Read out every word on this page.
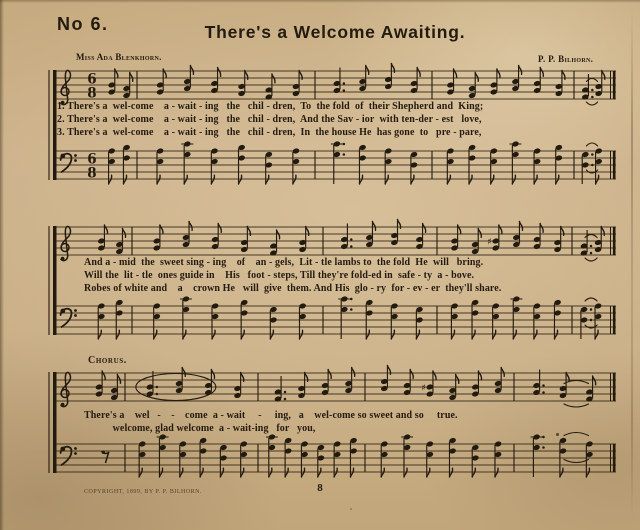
6
8
6
8
♯
♯
No 6.	There's a Welcome Awaiting.
Miss Ada Blenkhorn.	P. P. Bilhorn.
1. There's a  wel-come    a - wait - ing   the   chil - dren,  To  the fold  of  their Shepherd and  King;
2. There's a  wel-come    a - wait - ing   the   chil - dren,  And the Sav - ior  with ten-der - est   love,
3. There's a  wel-come    a - wait - ing   the   chil - dren,  In  the house He  has gone  to   pre - pare,
And a - mid  the  sweet sing - ing    of    an - gels,  Lit - tle lambs to  the fold  He  will   bring.
Will the  lit - tle  ones guide in    His   foot - steps, Till they're fold-ed in  safe - ty  a - bove.
Robes of white and    a    crown He   will  give  them. And His  glo - ry  for - ev - er  they'll share.
Chorus.
There's a    wel   -    -    come  a - wait     -     ing,   a    wel-come so sweet and so     true.
welcome, glad welcome  a - wait-ing   for   you,
COPYRIGHT, 1899, BY P. P. BILHORN.	8
